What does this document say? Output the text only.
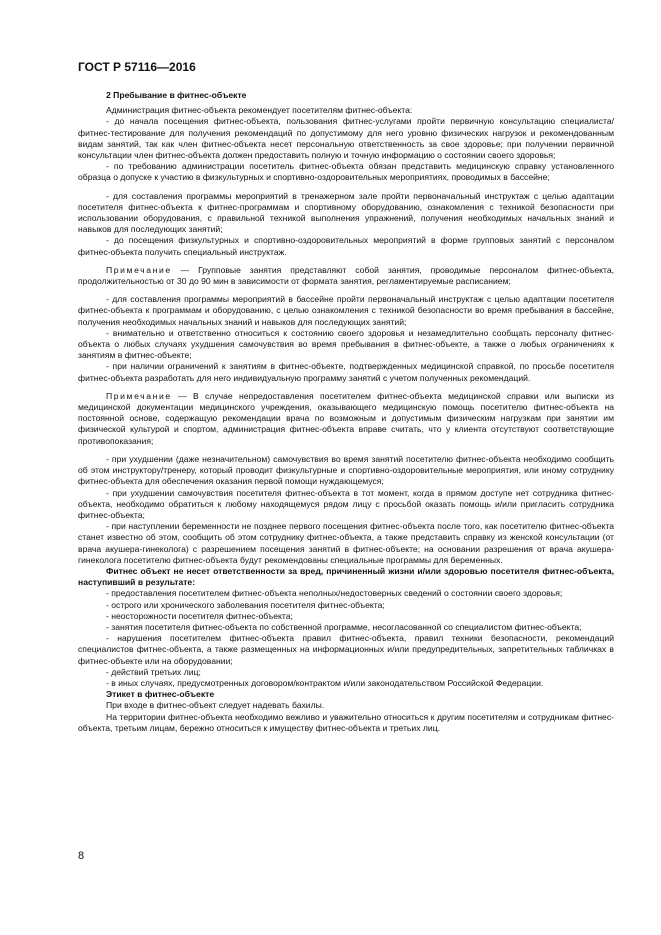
ГОСТ Р 57116—2016

2 Пребывание в фитнес-объекте

Администрация фитнес-объекта рекомендует посетителям фитнес-объекта:

- до начала посещения фитнес-объекта, пользования фитнес-услугами пройти первичную консультацию специалиста/фитнес-тестирование для получения рекомендаций по допустимому для него уровню физических нагрузок и рекомендованным видам занятий, так как член фитнес-объекта несет персональную ответственность за свое здоровье; при получении первичной консультации член фитнес-объекта должен предоставить полную и точную информацию о состоянии своего здоровья;

- по требованию администрации посетитель фитнес-объекта обязан представить медицинскую справку установленного образца о допуске к участию в физкультурных и спортивно-оздоровительных мероприятиях, проводимых в бассейне;

- для составления программы мероприятий в тренажерном зале пройти первоначальный инструктаж с целью адаптации посетителя фитнес-объекта к фитнес-программам и спортивному оборудованию, ознакомления с техникой безопасности при использовании оборудования, с правильной техникой выполнения упражнений, получения необходимых начальных знаний и навыков для последующих занятий;

- до посещения физкультурных и спортивно-оздоровительных мероприятий в форме групповых занятий с персоналом фитнес-объекта получить специальный инструктаж.

Примечание — Групповые занятия представляют собой занятия, проводимые персоналом фитнес-объекта, продолжительностью от 30 до 90 мин в зависимости от формата занятия, регламентируемые расписанием;

- для составления программы мероприятий в бассейне пройти первоначальный инструктаж с целью адаптации посетителя фитнес-объекта к программам и оборудованию, с целью ознакомления с техникой безопасности во время пребывания в бассейне, получения необходимых начальных знаний и навыков для последующих занятий;

- внимательно и ответственно относиться к состоянию своего здоровья и незамедлительно сообщать персоналу фитнес-объекта о любых случаях ухудшения самочувствия во время пребывания в фитнес-объекте, а также о любых ограничениях к занятиям в фитнес-объекте;

- при наличии ограничений к занятиям в фитнес-объекте, подтвержденных медицинской справкой, по просьбе посетителя фитнес-объекта разработать для него индивидуальную программу занятий с учетом полученных рекомендаций.

Примечание — В случае непредоставления посетителем фитнес-объекта медицинской справки или выписки из медицинской документации медицинского учреждения, оказывающего медицинскую помощь посетителю фитнес-объекта на постоянной основе, содержащую рекомендации врача по возможным и допустимым физическим нагрузкам при занятии им физической культурой и спортом, администрация фитнес-объекта вправе считать, что у клиента отсутствуют соответствующие противопоказания;

- при ухудшении (даже незначительном) самочувствия во время занятий посетителю фитнес-объекта необходимо сообщить об этом инструктору/тренеру, который проводит физкультурные и спортивно-оздоровительные мероприятия, или иному сотруднику фитнес-объекта для обеспечения оказания первой помощи нуждающемуся;

- при ухудшении самочувствия посетителя фитнес-объекта в тот момент, когда в прямом доступе нет сотрудника фитнес-объекта, необходимо обратиться к любому находящемуся рядом лицу с просьбой оказать помощь и/или пригласить сотрудника фитнес-объекта;

- при наступлении беременности не позднее первого посещения фитнес-объекта после того, как посетителю фитнес-объекта станет известно об этом, сообщить об этом сотруднику фитнес-объекта, а также представить справку из женской консультации (от врача акушера-гинеколога) с разрешением посещения занятий в фитнес-объекте; на основании разрешения от врача акушера-гинеколога посетителю фитнес-объекта будут рекомендованы специальные программы для беременных.

Фитнес объект не несет ответственности за вред, причиненный жизни и/или здоровью посетителя фитнес-объекта, наступивший в результате:

- предоставления посетителем фитнес-объекта неполных/недостоверных сведений о состоянии своего здоровья;

- острого или хронического заболевания посетителя фитнес-объекта;

- неосторожности посетителя фитнес-объекта;

- занятия посетителя фитнес-объекта по собственной программе, несогласованной со специалистом фитнес-объекта;

- нарушения посетителем фитнес-объекта правил фитнес-объекта, правил техники безопасности, рекомендаций специалистов фитнес-объекта, а также размещенных на информационных и/или предупредительных, запретительных табличках в фитнес-объекте или на оборудовании;

- действий третьих лиц;

- в иных случаях, предусмотренных договором/контрактом и/или законодательством Российской Федерации.

Этикет в фитнес-объекте

При входе в фитнес-объект следует надевать бахилы.

На территории фитнес-объекта необходимо вежливо и уважительно относиться к другим посетителям и сотрудникам фитнес-объекта, третьим лицам, бережно относиться к имуществу фитнес-объекта и третьих лиц.

8
